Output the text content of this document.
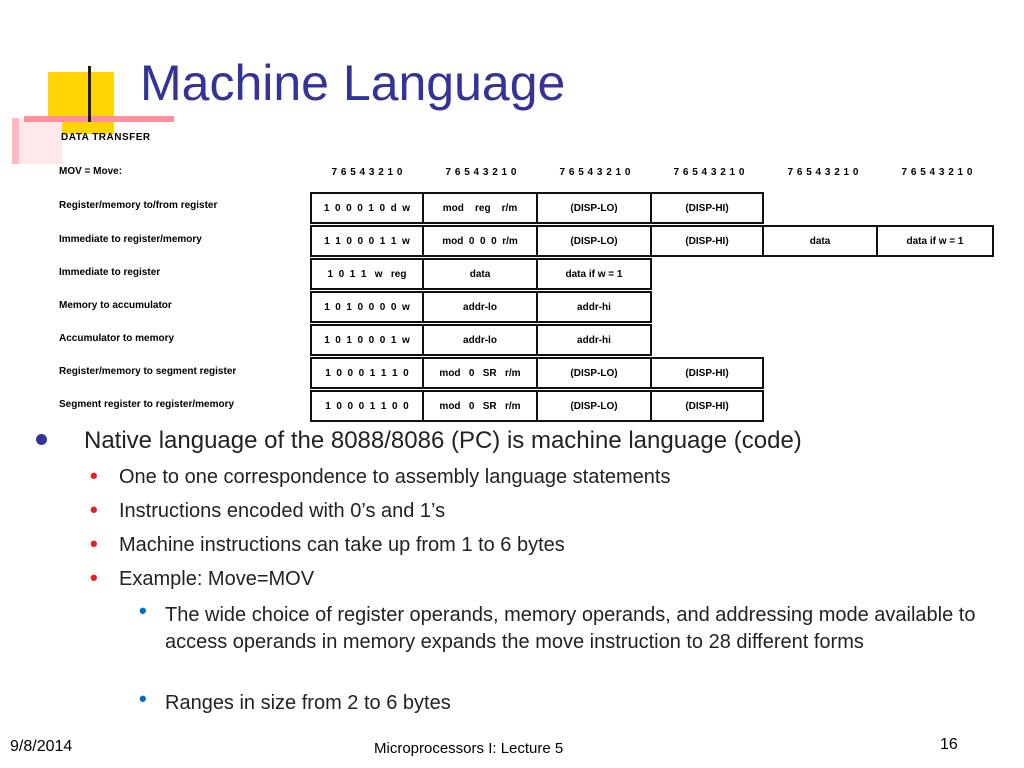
Machine Language
DATA TRANSFER
MOV = Move:	7 6 5 4 3 2 1 0	7 6 5 4 3 2 1 0	7 6 5 4 3 2 1 0	7 6 5 4 3 2 1 0	7 6 5 4 3 2 1 0	7 6 5 4 3 2 1 0
Register/memory to/from register	1  0  0  0  1  0  d  w	mod    reg    r/m	(DISP-LO)	(DISP-HI)
Immediate to register/memory	1  1  0  0  0  1  1  w	mod  0  0  0  r/m	(DISP-LO)	(DISP-HI)	data	data if w = 1
Immediate to register	1  0  1  1   w   reg	data	data if w = 1
Memory to accumulator	1  0  1  0  0  0  0  w	addr-lo	addr-hi
Accumulator to memory	1  0  1  0  0  0  1  w	addr-lo	addr-hi
Register/memory to segment register	1  0  0  0  1  1  1  0	mod   0   SR   r/m	(DISP-LO)	(DISP-HI)
Segment register to register/memory	1  0  0  0  1  1  0  0	mod   0   SR   r/m	(DISP-LO)	(DISP-HI)

Native language of the 8088/8086 (PC) is machine language (code)

• One to one correspondence to assembly language statements

• Instructions encoded with 0’s and 1’s

• Machine instructions can take up from 1 to 6 bytes

• Example: Move=MOV

• The wide choice of register operands, memory operands, and addressing mode available to access operands in memory expands the move instruction to 28 different forms

• Ranges in size from 2 to 6 bytes

9/8/2014	Microprocessors I: Lecture 5	16
